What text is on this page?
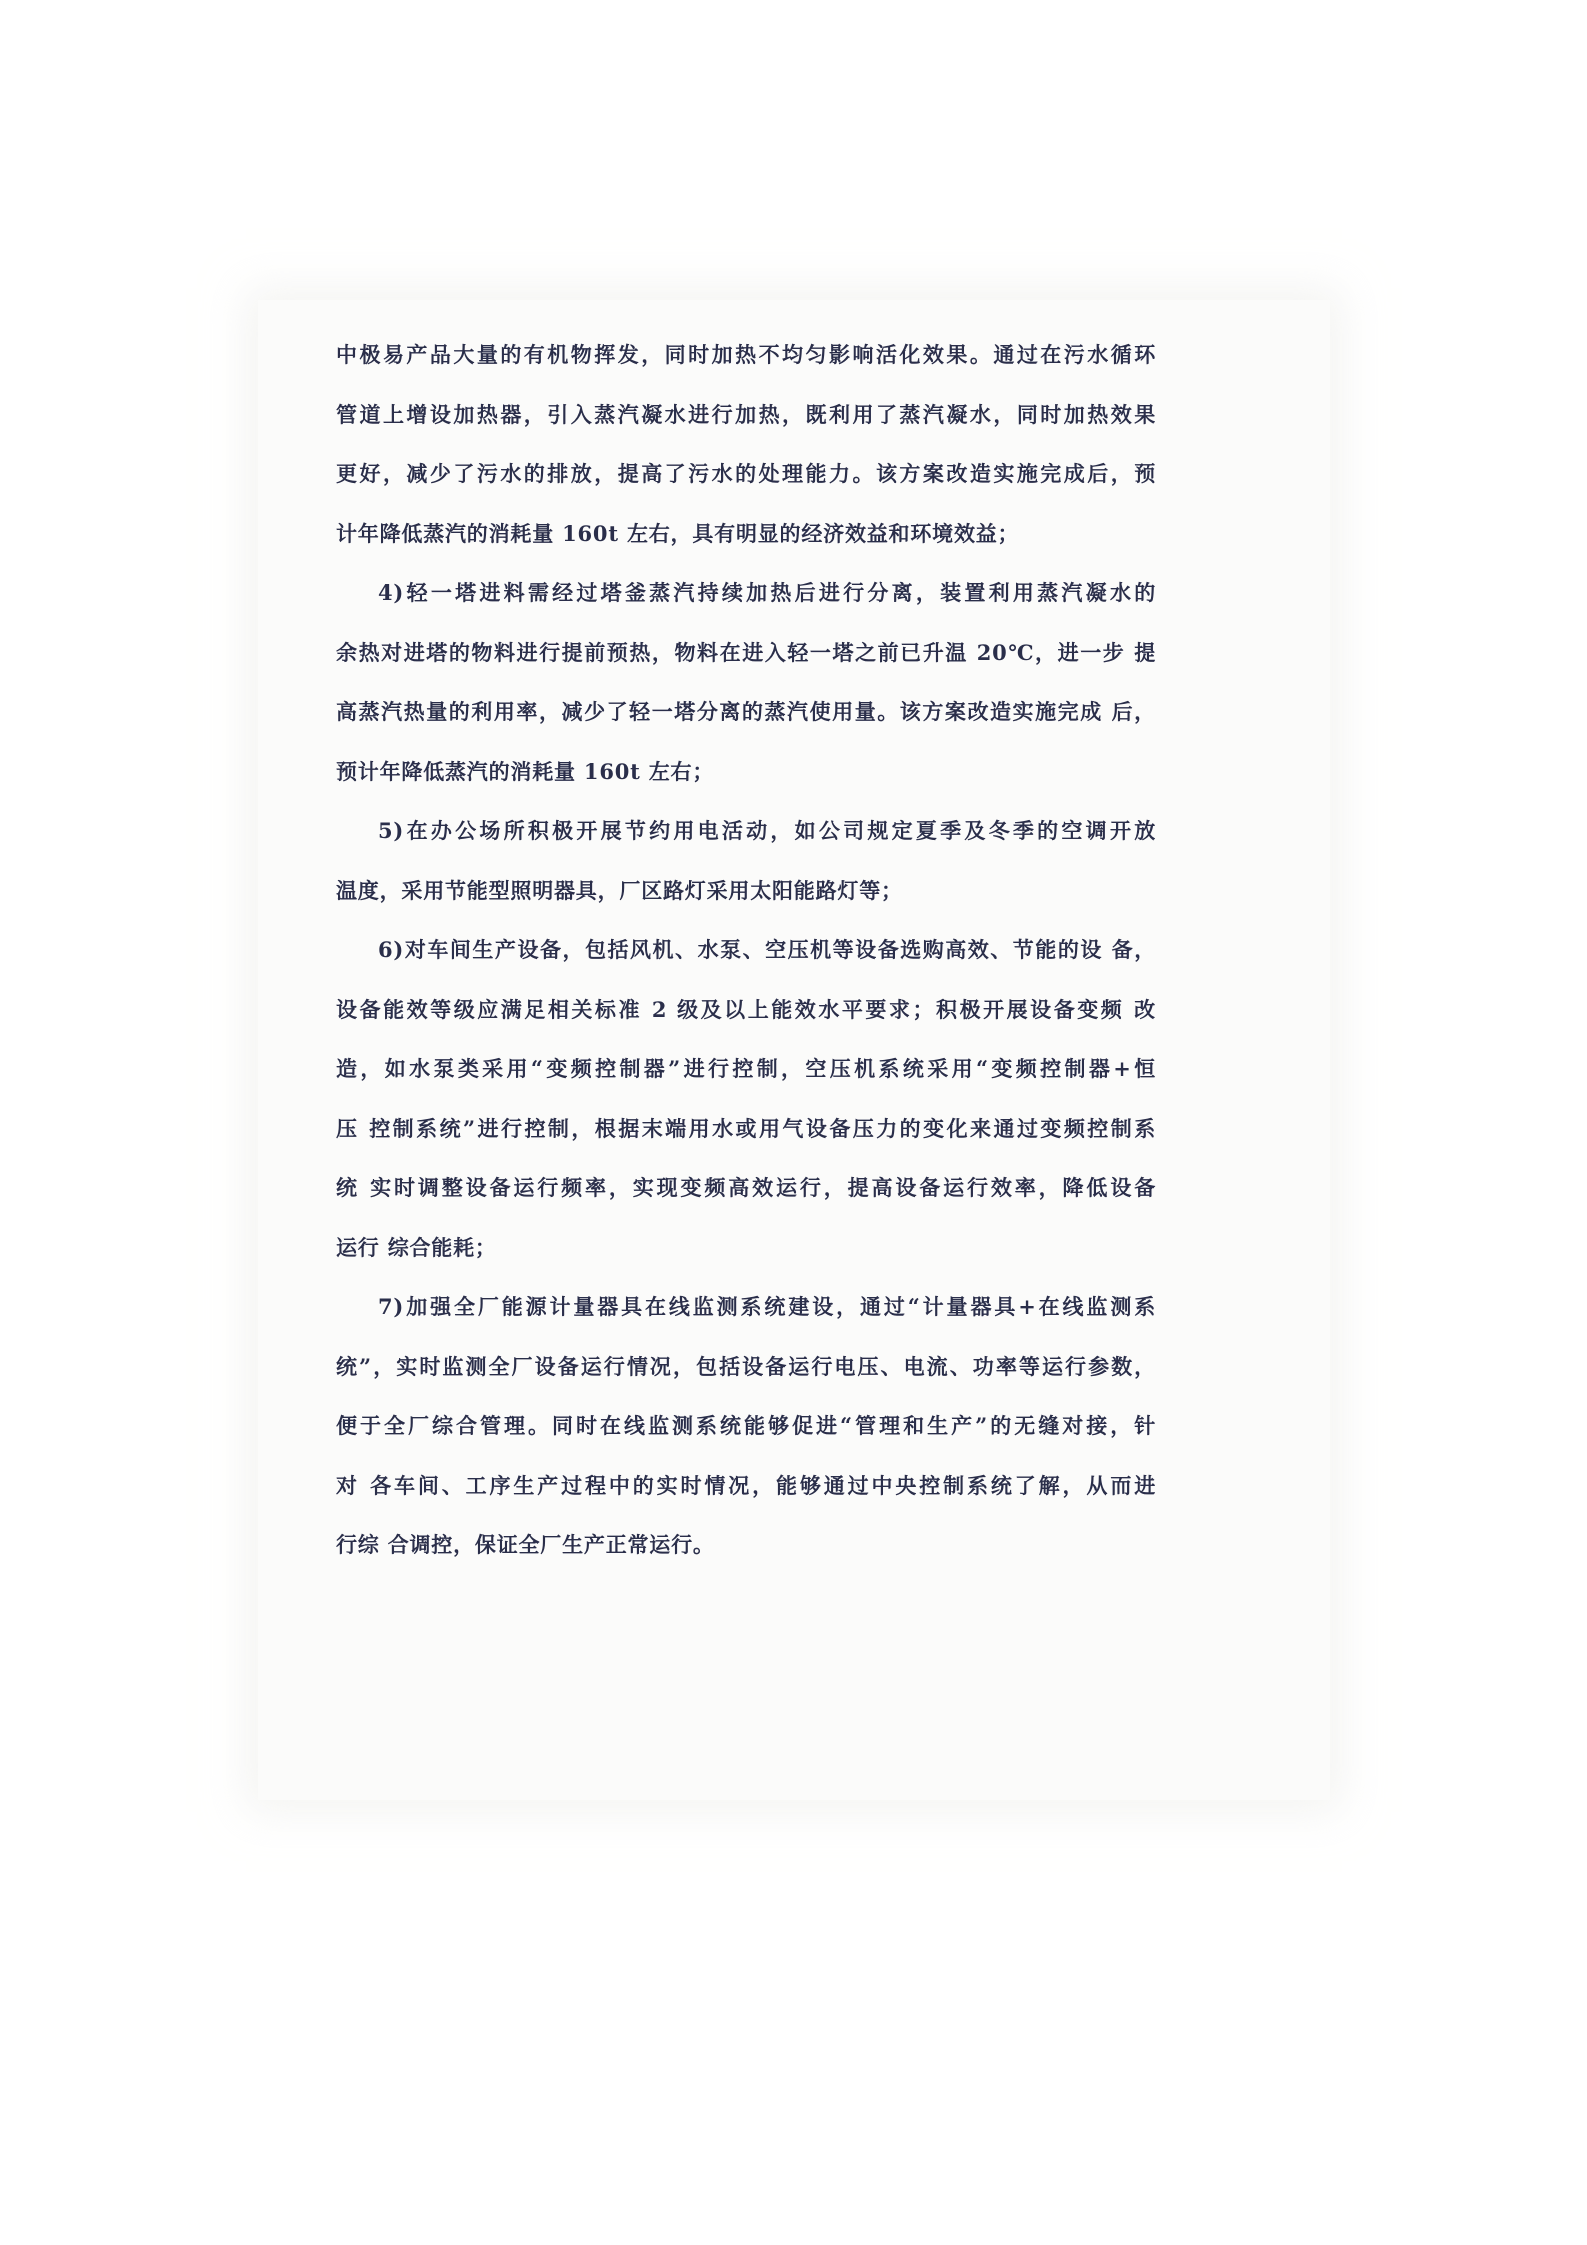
中极易产品大量的有机物挥发，同时加热不均匀影响活化效果。通过在污水循环
管道上增设加热器，引入蒸汽凝水进行加热，既利用了蒸汽凝水，同时加热效果
更好，减少了污水的排放，提高了污水的处理能力。该方案改造实施完成后，预
计年降低蒸汽的消耗量 160t 左右，具有明显的经济效益和环境效益；
4)轻一塔进料需经过塔釜蒸汽持续加热后进行分离，装置利用蒸汽凝水的
余热对进塔的物料进行提前预热，物料在进入轻一塔之前已升温 20℃，进一步 提
高蒸汽热量的利用率，减少了轻一塔分离的蒸汽使用量。该方案改造实施完成 后，
预计年降低蒸汽的消耗量 160t 左右；
5)在办公场所积极开展节约用电活动，如公司规定夏季及冬季的空调开放
温度，采用节能型照明器具，厂区路灯采用太阳能路灯等；
6)对车间生产设备，包括风机、水泵、空压机等设备选购高效、节能的设 备，
设备能效等级应满足相关标准 2 级及以上能效水平要求；积极开展设备变频 改
造，如水泵类采用“变频控制器”进行控制，空压机系统采用“变频控制器+恒
压 控制系统”进行控制，根据末端用水或用气设备压力的变化来通过变频控制系
统 实时调整设备运行频率，实现变频高效运行，提高设备运行效率，降低设备
运行 综合能耗；
7)加强全厂能源计量器具在线监测系统建设，通过“计量器具+在线监测系
统”，实时监测全厂设备运行情况，包括设备运行电压、电流、功率等运行参数，
便于全厂综合管理。同时在线监测系统能够促进“管理和生产”的无缝对接，针
对 各车间、工序生产过程中的实时情况，能够通过中央控制系统了解，从而进
行综 合调控，保证全厂生产正常运行。
